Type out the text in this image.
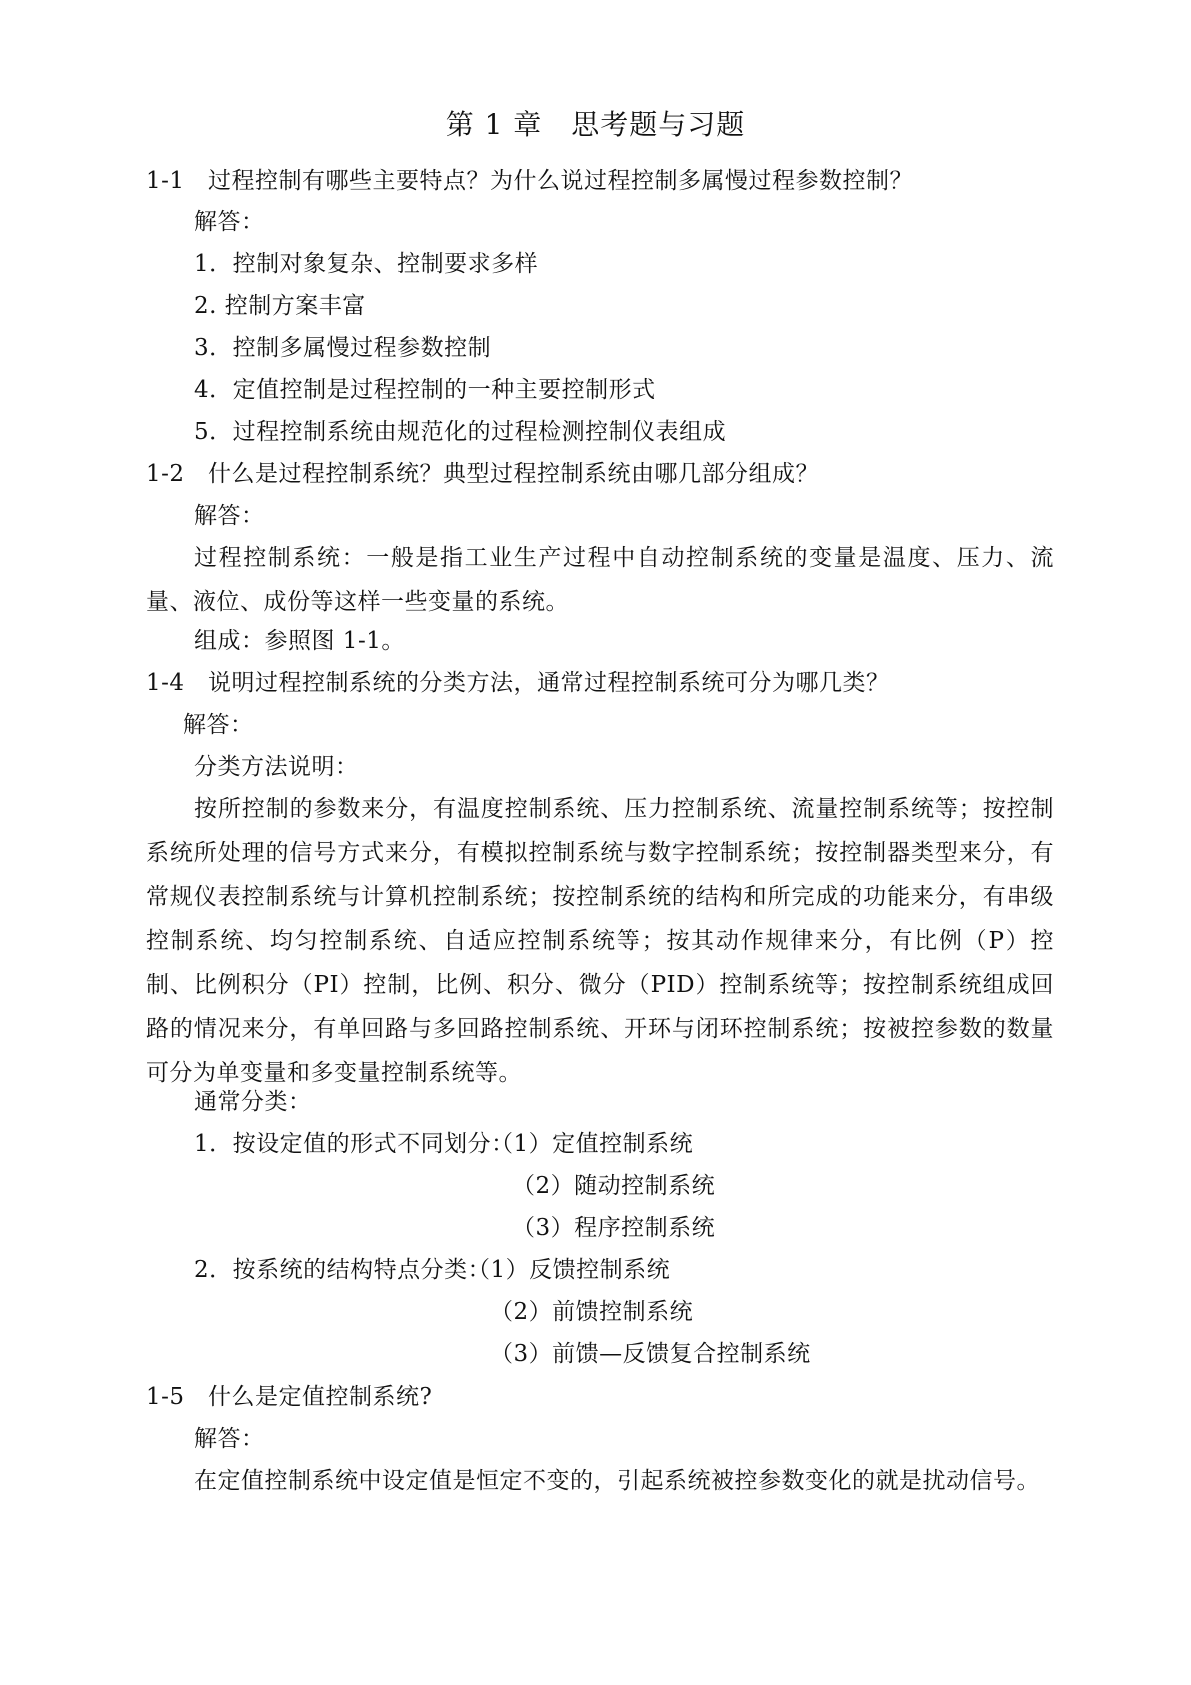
第 1 章　思考题与习题
1-1　过程控制有哪些主要特点？为什么说过程控制多属慢过程参数控制？
解答：
1．控制对象复杂、控制要求多样
2. 控制方案丰富
3．控制多属慢过程参数控制
4．定值控制是过程控制的一种主要控制形式
5．过程控制系统由规范化的过程检测控制仪表组成
1-2　什么是过程控制系统？典型过程控制系统由哪几部分组成？
解答：
过程控制系统：一般是指工业生产过程中自动控制系统的变量是温度、压力、流量、液位、成份等这样一些变量的系统。
组成：参照图 1-1。
1-4　说明过程控制系统的分类方法，通常过程控制系统可分为哪几类？
解答：
分类方法说明：
按所控制的参数来分，有温度控制系统、压力控制系统、流量控制系统等；按控制系统所处理的信号方式来分，有模拟控制系统与数字控制系统；按控制器类型来分，有常规仪表控制系统与计算机控制系统；按控制系统的结构和所完成的功能来分，有串级控制系统、均匀控制系统、自适应控制系统等；按其动作规律来分，有比例（P）控制、比例积分（PI）控制，比例、积分、微分（PID）控制系统等；按控制系统组成回路的情况来分，有单回路与多回路控制系统、开环与闭环控制系统；按被控参数的数量可分为单变量和多变量控制系统等。
通常分类：
1．按设定值的形式不同划分：
（1）定值控制系统
（2）随动控制系统
（3）程序控制系统
2．按系统的结构特点分类：
（1）反馈控制系统
（2）前馈控制系统
（3）前馈—反馈复合控制系统
1-5　什么是定值控制系统?
解答：
在定值控制系统中设定值是恒定不变的，引起系统被控参数变化的就是扰动信号。
